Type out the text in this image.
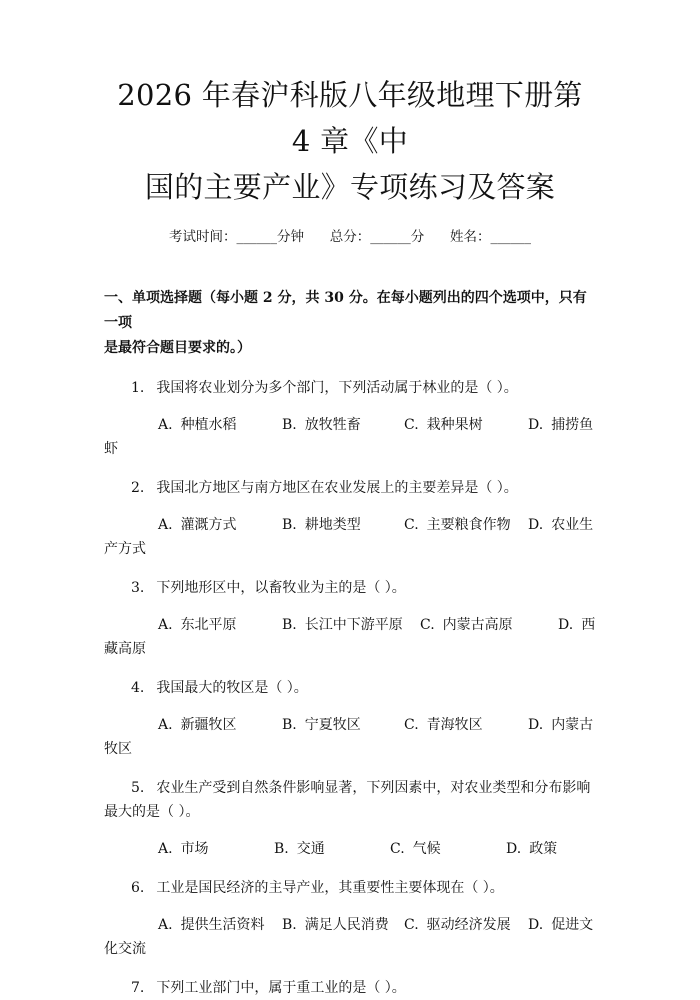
2026 年春沪科版八年级地理下册第 4 章《中
国的主要产业》专项练习及答案
考试时间：______分钟      总分：______分      姓名：______
一、单项选择题（每小题 2 分，共 30 分。在每小题列出的四个选项中，只有一项
是最符合题目要求的。）
1. 我国将农业划分为多个部门，下列活动属于林业的是（ ）。
A. 种植水稻	B. 放牧牲畜	C. 栽种果树	D. 捕捞鱼
虾
2. 我国北方地区与南方地区在农业发展上的主要差异是（ ）。
A. 灌溉方式	B. 耕地类型	C. 主要粮食作物	D. 农业生
产方式
3. 下列地形区中，以畜牧业为主的是（ ）。
A. 东北平原	B. 长江中下游平原	C. 内蒙古高原	D. 西
藏高原
4. 我国最大的牧区是（ ）。
A. 新疆牧区	B. 宁夏牧区	C. 青海牧区	D. 内蒙古
牧区
5. 农业生产受到自然条件影响显著，下列因素中，对农业类型和分布影响最大的是（ ）。
A. 市场	B. 交通	C. 气候	D. 政策
6. 工业是国民经济的主导产业，其重要性主要体现在（ ）。
A. 提供生活资料	B. 满足人民消费	C. 驱动经济发展	D. 促进文
化交流
7. 下列工业部门中，属于重工业的是（ ）。
